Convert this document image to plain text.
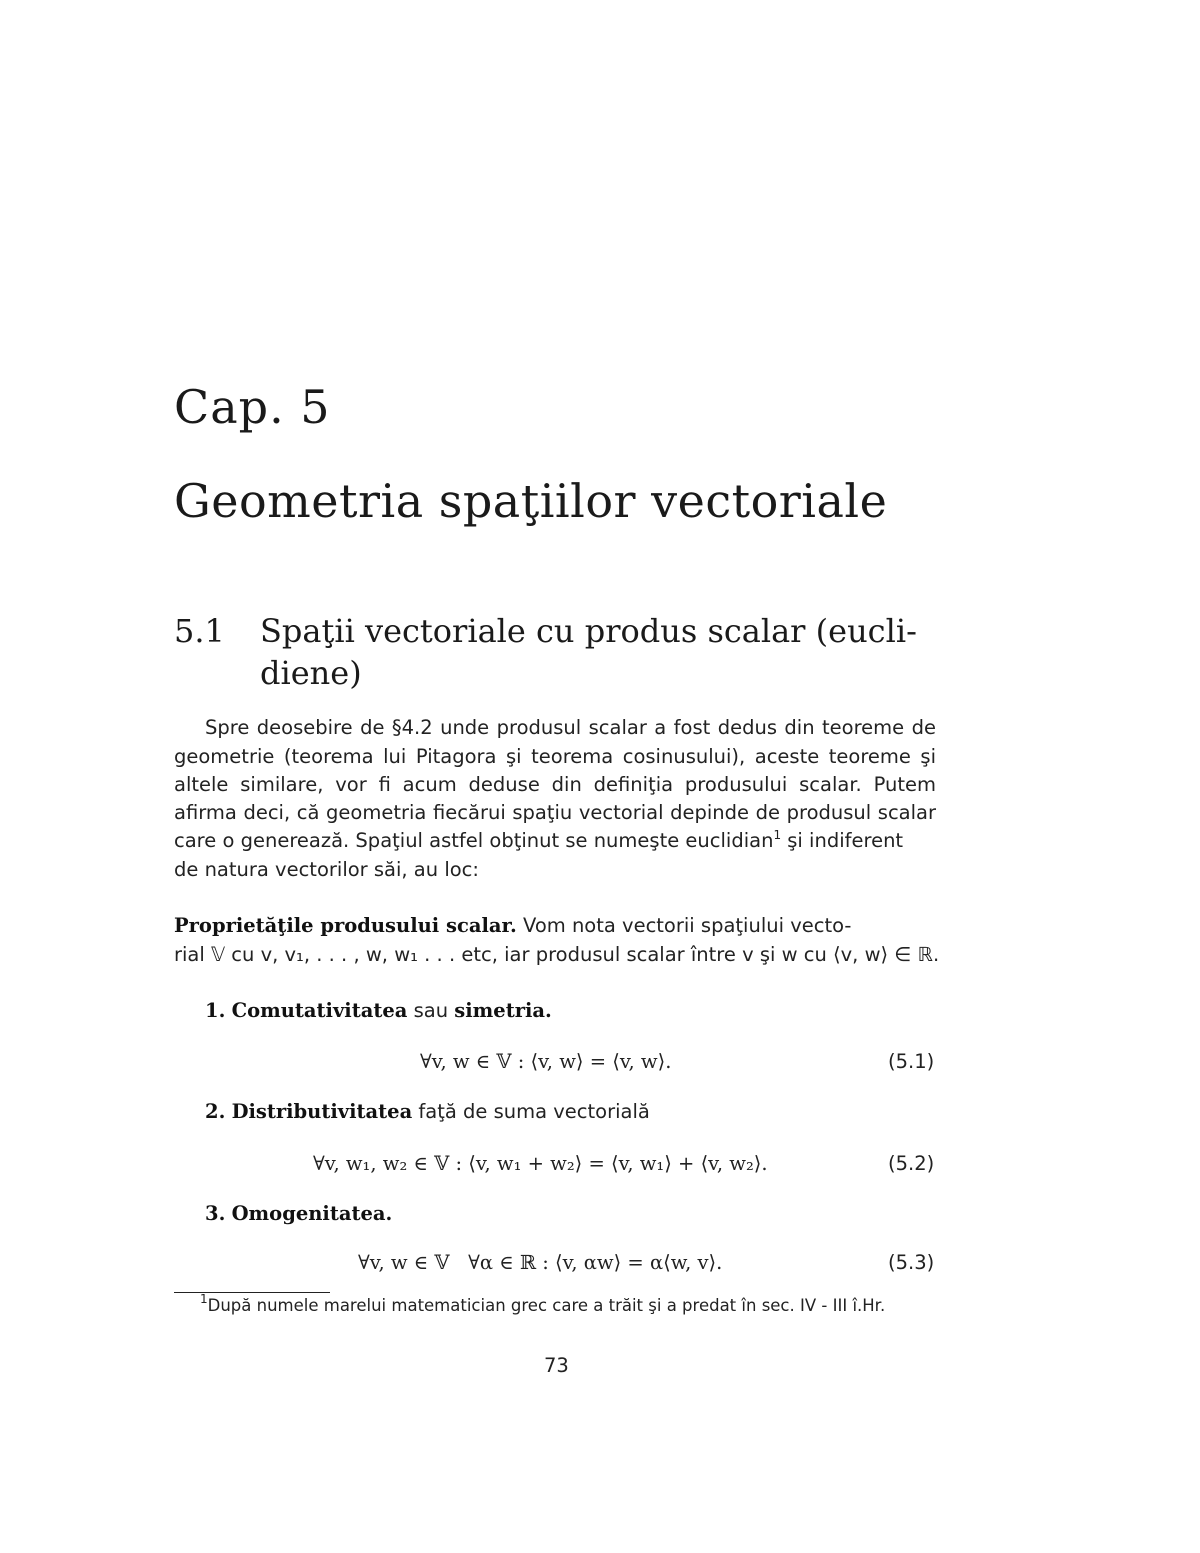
Cap. 5
Geometria spaţiilor vectoriale
5.1 Spaţii vectoriale cu produs scalar (eucli-
diene)
Spre deosebire de §4.2 unde produsul scalar a fost dedus din teoreme de
geometrie (teorema lui Pitagora şi teorema cosinusului), aceste teoreme şi
altele similare, vor fi acum deduse din definiţia produsului scalar. Putem
afirma deci, că geometria fiecărui spaţiu vectorial depinde de produsul scalar
care o generează. Spaţiul astfel obţinut se numeşte euclidian$^1$ şi indiferent
de natura vectorilor săi, au loc:
Proprietăţile produsului scalar. Vom nota vectorii spaţiului vecto-
rial 𝕍 cu v, v₁, . . . , w, w₁ . . . etc, iar produsul scalar între v şi w cu ⟨v, w⟩ ∈ ℝ.
1. Comutativitatea sau simetria.
∀v, w ∈ 𝕍 : ⟨v, w⟩ = ⟨v, w⟩.	(5.1)
2. Distributivitatea faţă de suma vectorială
∀v, w₁, w₂ ∈ 𝕍 : ⟨v, w₁ + w₂⟩ = ⟨v, w₁⟩ + ⟨v, w₂⟩.	(5.2)
3. Omogenitatea.
∀v, w ∈ 𝕍   ∀α ∈ ℝ : ⟨v, αw⟩ = α⟨w, v⟩.	(5.3)
$^1$După numele marelui matematician grec care a trăit şi a predat în sec. IV - III î.Hr.
73
